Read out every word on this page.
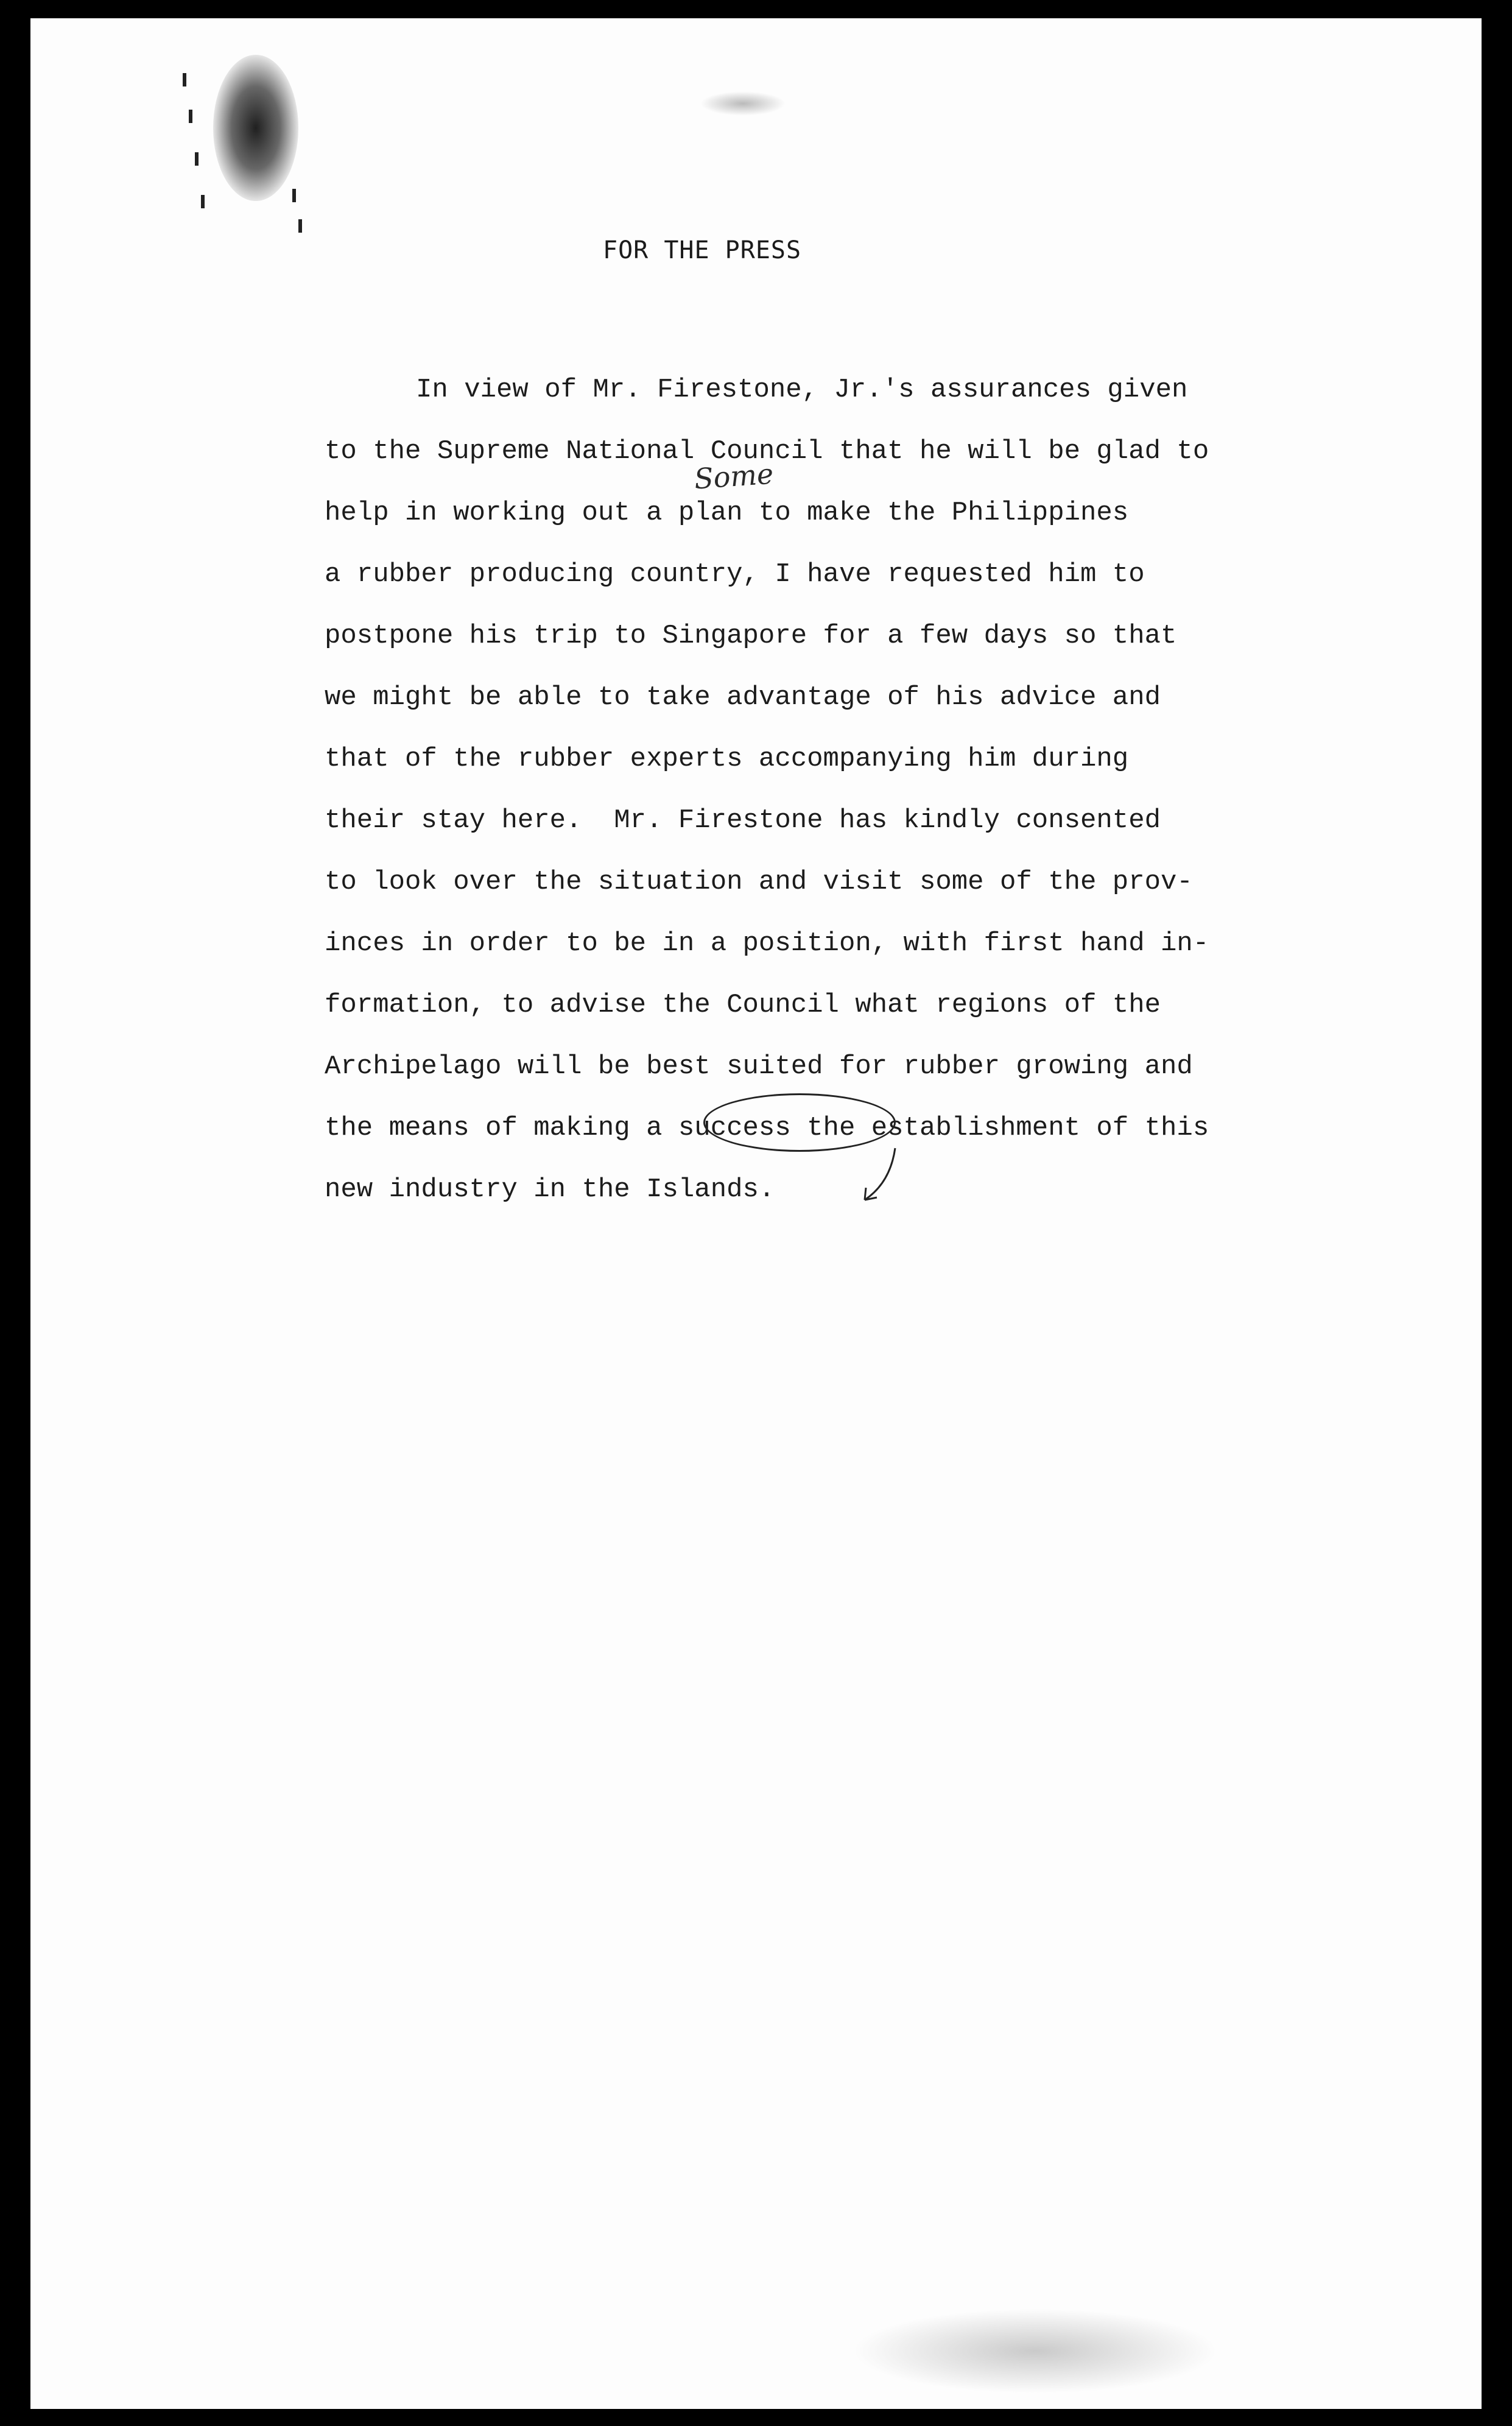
FOR THE PRESS
Some
In view of Mr. Firestone, Jr.'s assurances given
to the Supreme National Council that he will be glad to
help in working out a plan to make the Philippines
a rubber producing country, I have requested him to
postpone his trip to Singapore for a few days so that
we might be able to take advantage of his advice and
that of the rubber experts accompanying him during
their stay here.  Mr. Firestone has kindly consented
to look over the situation and visit some of the prov-
inces in order to be in a position, with first hand in-
formation, to advise the Council what regions of the
Archipelago will be best suited for rubber growing and
the means of making a success the establishment of this
new industry in the Islands.
